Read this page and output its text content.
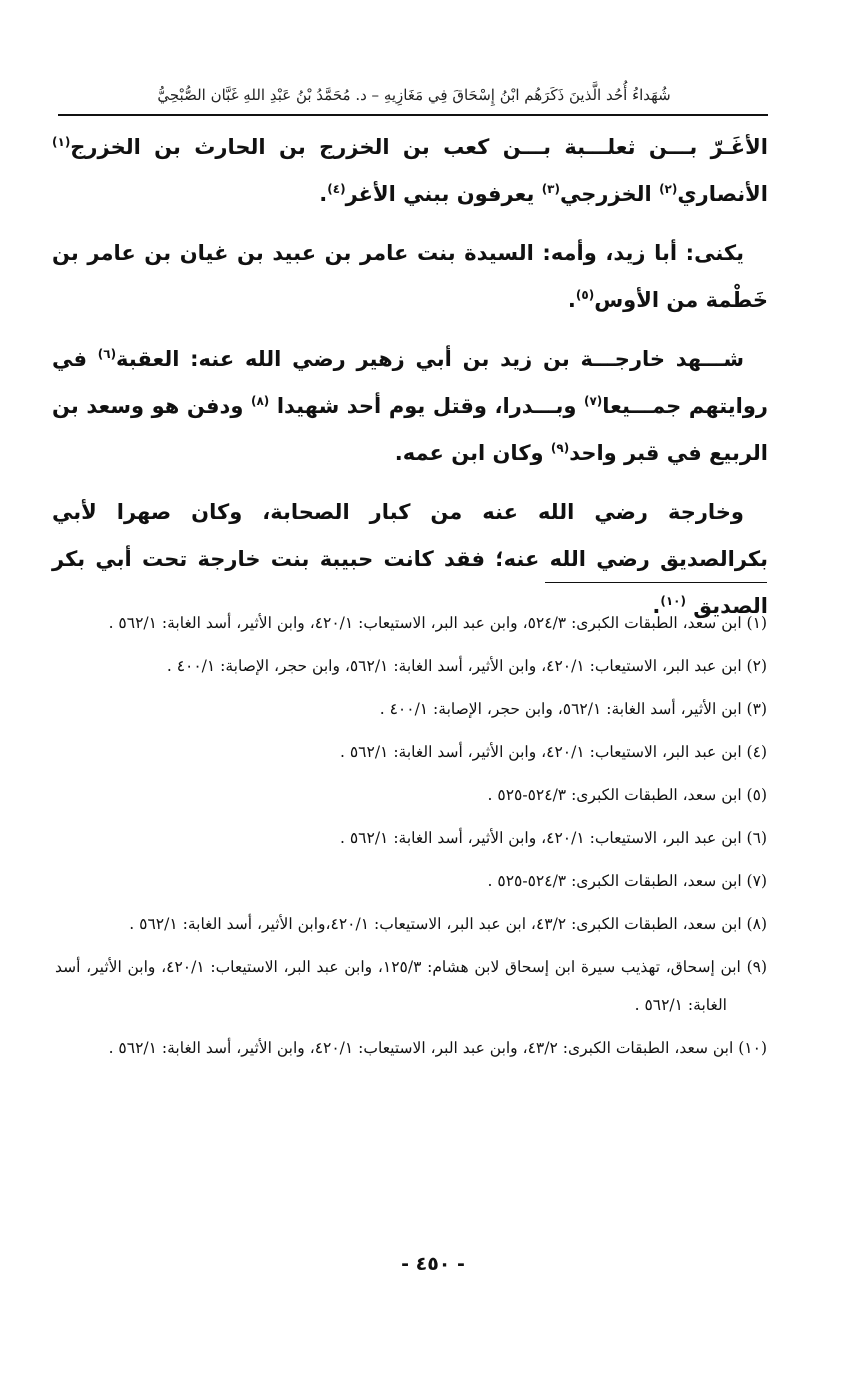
شُهَداءُ أُحُد الَّذينَ ذَكَرَهُم ابْنُ إِسْحَاقَ فِي مَغَازِيهِ – د. مُحَمَّدُ بْنُ عَبْدِ اللهِ غَبَّان الصُّبْحِيُّ

الأغَـرّ بـــن ثعلـــبة بـــن كعب بن الخزرج بن الحارث بن الخزرج$^{(١)}$ الأنصاري$^{(٢)}$ الخزرجي$^{(٣)}$ يعرفون ببني الأغر$^{(٤)}$.

يكنى: أبا زيد، وأمه: السيدة بنت عامر بن عبيد بن غيان بن عامر بن خَطْمة من الأوس$^{(٥)}$.

شـــهد خارجـــة بن زيد بن أبي زهير رضي الله عنه: العقبة$^{(٦)}$ في روايتهم جمـــيعا$^{(٧)}$ وبـــدرا، وقتل يوم أحد شهيدا $^{(٨)}$ ودفن هو وسعد بن الربيع في قبر واحد$^{(٩)}$ وكان ابن عمه.

وخارجة رضي الله عنه من كبار الصحابة، وكان صهرا لأبي بكرالصديق رضي الله عنه؛ فقد كانت حبيبة بنت خارجة تحت أبي بكر الصديق $^{(١٠)}$.

(١) ابن سعد، الطبقات الكبرى: ٥٢٤/٣، وابن عبد البر، الاستيعاب: ٤٢٠/١، وابن الأثير، أسد الغابة: ٥٦٢/١ .

(٢) ابن عبد البر، الاستيعاب: ٤٢٠/١، وابن الأثير، أسد الغابة: ٥٦٢/١، وابن حجر، الإصابة: ٤٠٠/١ .

(٣) ابن الأثير، أسد الغابة: ٥٦٢/١، وابن حجر، الإصابة: ٤٠٠/١ .

(٤) ابن عبد البر، الاستيعاب: ٤٢٠/١، وابن الأثير، أسد الغابة: ٥٦٢/١ .

(٥) ابن سعد، الطبقات الكبرى: ٥٢٤/٣-٥٢٥ .

(٦) ابن عبد البر، الاستيعاب: ٤٢٠/١، وابن الأثير، أسد الغابة: ٥٦٢/١ .

(٧) ابن سعد، الطبقات الكبرى: ٥٢٤/٣-٥٢٥ .

(٨) ابن سعد، الطبقات الكبرى: ٤٣/٢، ابن عبد البر، الاستيعاب: ٤٢٠/١،وابن الأثير، أسد الغابة: ٥٦٢/١ .

(٩) ابن إسحاق، تهذيب سيرة ابن إسحاق لابن هشام: ١٢٥/٣، وابن عبد البر، الاستيعاب: ٤٢٠/١، وابن الأثير، أسد الغابة: ٥٦٢/١ .

(١٠) ابن سعد، الطبقات الكبرى: ٤٣/٢، وابن عبد البر، الاستيعاب: ٤٢٠/١، وابن الأثير، أسد الغابة: ٥٦٢/١ .

- ٤٥٠ -
